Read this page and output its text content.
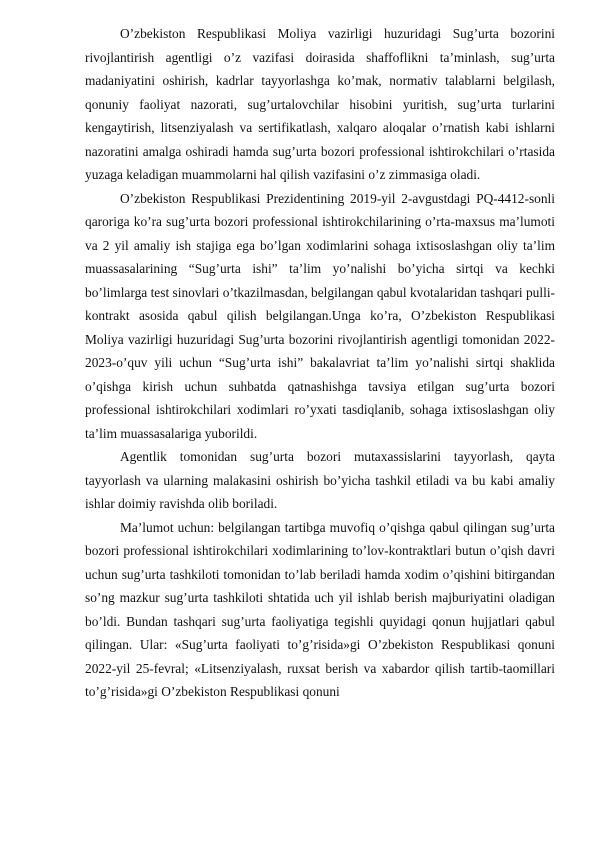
O’zbekiston Respublikasi Moliya vazirligi huzuridagi Sug’urta bozorini rivojlantirish agentligi o’z vazifasi doirasida shaffoflikni ta’minlash, sug’urta madaniyatini oshirish, kadrlar tayyorlashga ko’mak, normativ talablarni belgilash, qonuniy faoliyat nazorati, sug’urtalovchilar hisobini yuritish, sug’urta turlarini kengaytirish, litsenziyalash va sertifikatlash, xalqaro aloqalar o’rnatish kabi ishlarni nazoratini amalga oshiradi hamda sug’urta bozori professional ishtirokchilari o’rtasida yuzaga keladigan muammolarni hal qilish vazifasini o’z zimmasiga oladi.

O’zbekiston Respublikasi Prezidentining 2019-yil 2-avgustdagi PQ-4412-sonli qaroriga ko’ra sug’urta bozori professional ishtirokchilarining o’rta-maxsus ma’lumoti va 2 yil amaliy ish stajiga ega bo’lgan xodimlarini sohaga ixtisoslashgan oliy ta’lim muassasalarining “Sug’urta ishi” ta’lim yo’nalishi bo’yicha sirtqi va kechki bo’limlarga test sinovlari o’tkazilmasdan, belgilangan qabul kvotalaridan tashqari pulli-kontrakt asosida qabul qilish belgilangan.Unga ko’ra, O’zbekiston Respublikasi Moliya vazirligi huzuridagi Sug’urta bozorini rivojlantirish agentligi tomonidan 2022-2023-o’quv yili uchun “Sug’urta ishi” bakalavriat ta’lim yo’nalishi sirtqi shaklida o’qishga kirish uchun suhbatda qatnashishga tavsiya etilgan sug’urta bozori professional ishtirokchilari xodimlari ro’yxati tasdiqlanib, sohaga ixtisoslashgan oliy ta’lim muassasalariga yuborildi.

Agentlik tomonidan sug’urta bozori mutaxassislarini tayyorlash, qayta tayyorlash va ularning malakasini oshirish bo’yicha tashkil etiladi va bu kabi amaliy ishlar doimiy ravishda olib boriladi.

Ma’lumot uchun: belgilangan tartibga muvofiq o’qishga qabul qilingan sug’urta bozori professional ishtirokchilari xodimlarining to’lov-kontraktlari butun o’qish davri uchun sug’urta tashkiloti tomonidan to’lab beriladi hamda xodim o’qishini bitirgandan so’ng mazkur sug’urta tashkiloti shtatida uch yil ishlab berish majburiyatini oladigan bo’ldi. Bundan tashqari sug’urta faoliyatiga tegishli quyidagi qonun hujjatlari qabul qilingan. Ular: «Sug’urta faoliyati to’g’risida»gi O’zbekiston Respublikasi qonuni 2022-yil 25-fevral; «Litsenziyalash, ruxsat berish va xabardor qilish tartib-taomillari to’g’risida»gi O’zbekiston Respublikasi qonuni
